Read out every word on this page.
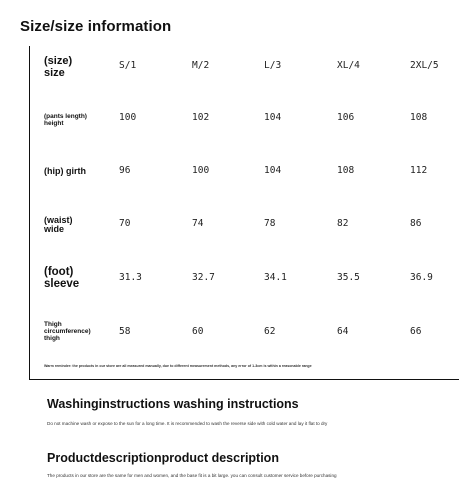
Size/size information
(size)
size
S/1	M/2	L/3	XL/4	2XL/5
(pants length)
height
100	102	104	106	108
(hip) girth	96	100	104	108	112
(waist)
wide
70	74	78	82	86
(foot)
sleeve
31.3	32.7	34.1	35.5	36.9
Thigh
circumference)
thigh
58	60	62	64	66
Warm reminder: the products in our store are all measured manually, due to different measurement methods, any error of 1-3cm is within a reasonable range
Washinginstructions washing instructions
Do not machine wash or expose to the sun for a long time. It is recommended to wash the reverse side with cold water and lay it flat to dry
Productdescriptionproduct description
The products in our store are the same for men and women, and the base fit is a bit large. you can consult customer service before purchasing
